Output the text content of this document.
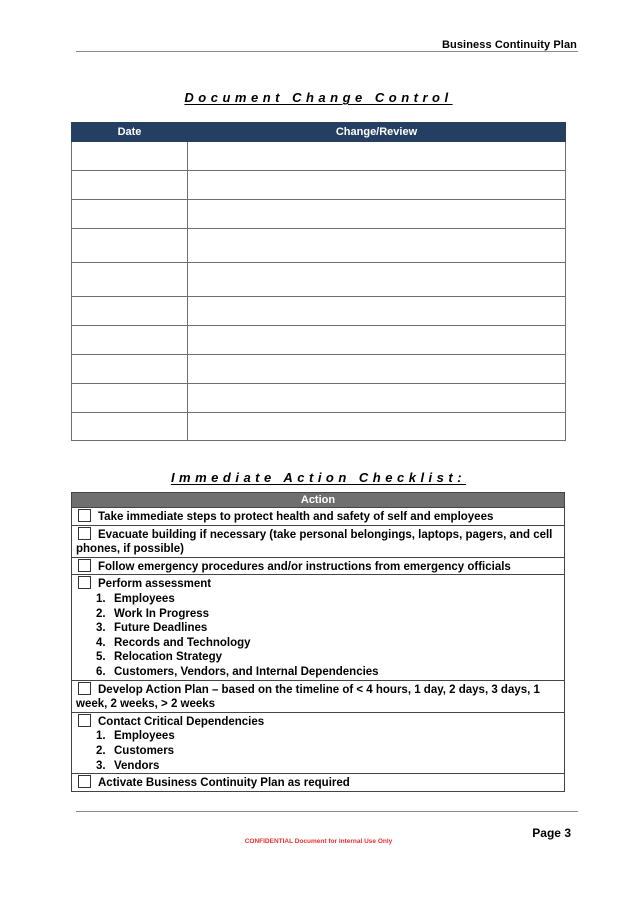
Business Continuity Plan
Document Change Control
Date	Change/Review

Immediate Action Checklist:
Action
Take immediate steps to protect health and safety of self and employees
Evacuate building if necessary (take personal belongings, laptops, pagers, and cell phones, if possible)
Follow emergency procedures and/or instructions from emergency officials
Perform assessment
1. Employees
2. Work In Progress
3. Future Deadlines
4. Records and Technology
5. Relocation Strategy
6. Customers, Vendors, and Internal Dependencies
Develop Action Plan – based on the timeline of < 4 hours, 1 day, 2 days, 3 days, 1 week, 2 weeks, > 2 weeks
Contact Critical Dependencies
1. Employees
2. Customers
3. Vendors
Activate Business Continuity Plan as required
Page 3
CONFIDENTIAL Document for Internal Use Only
